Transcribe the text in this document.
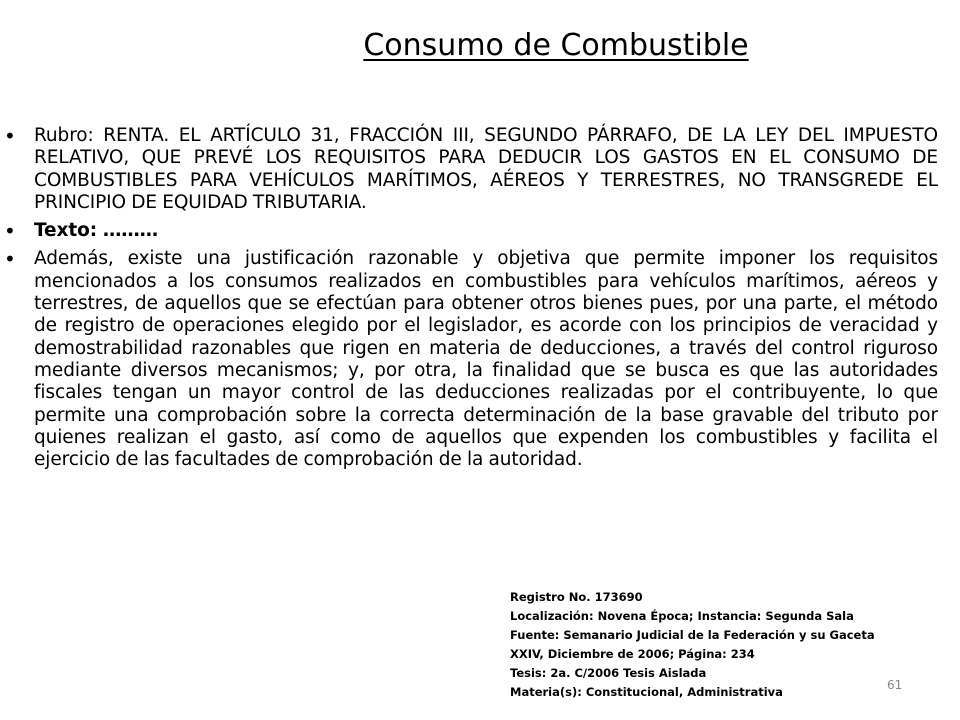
Consumo de Combustible
• Rubro: RENTA. EL ARTÍCULO 31, FRACCIÓN III, SEGUNDO PÁRRAFO, DE LA LEY DEL IMPUESTO RELATIVO, QUE PREVÉ LOS REQUISITOS PARA DEDUCIR LOS GASTOS EN EL CONSUMO DE COMBUSTIBLES PARA VEHÍCULOS MARÍTIMOS, AÉREOS Y TERRESTRES, NO TRANSGREDE EL PRINCIPIO DE EQUIDAD TRIBUTARIA.
• Texto: ………
• Además, existe una justificación razonable y objetiva que permite imponer los requisitos mencionados a los consumos realizados en combustibles para vehículos marítimos, aéreos y terrestres, de aquellos que se efectúan para obtener otros bienes pues, por una parte, el método de registro de operaciones elegido por el legislador, es acorde con los principios de veracidad y demostrabilidad razonables que rigen en materia de deducciones, a través del control riguroso mediante diversos mecanismos; y, por otra, la finalidad que se busca es que las autoridades fiscales tengan un mayor control de las deducciones realizadas por el contribuyente, lo que permite una comprobación sobre la correcta determinación de la base gravable del tributo por quienes realizan el gasto, así como de aquellos que expenden los combustibles y facilita el ejercicio de las facultades de comprobación de la autoridad.
Registro No. 173690
Localización: Novena Época; Instancia: Segunda Sala
Fuente: Semanario Judicial de la Federación y su Gaceta
XXIV, Diciembre de 2006; Página: 234
Tesis: 2a. C/2006 Tesis Aislada
Materia(s): Constitucional, Administrativa	61
